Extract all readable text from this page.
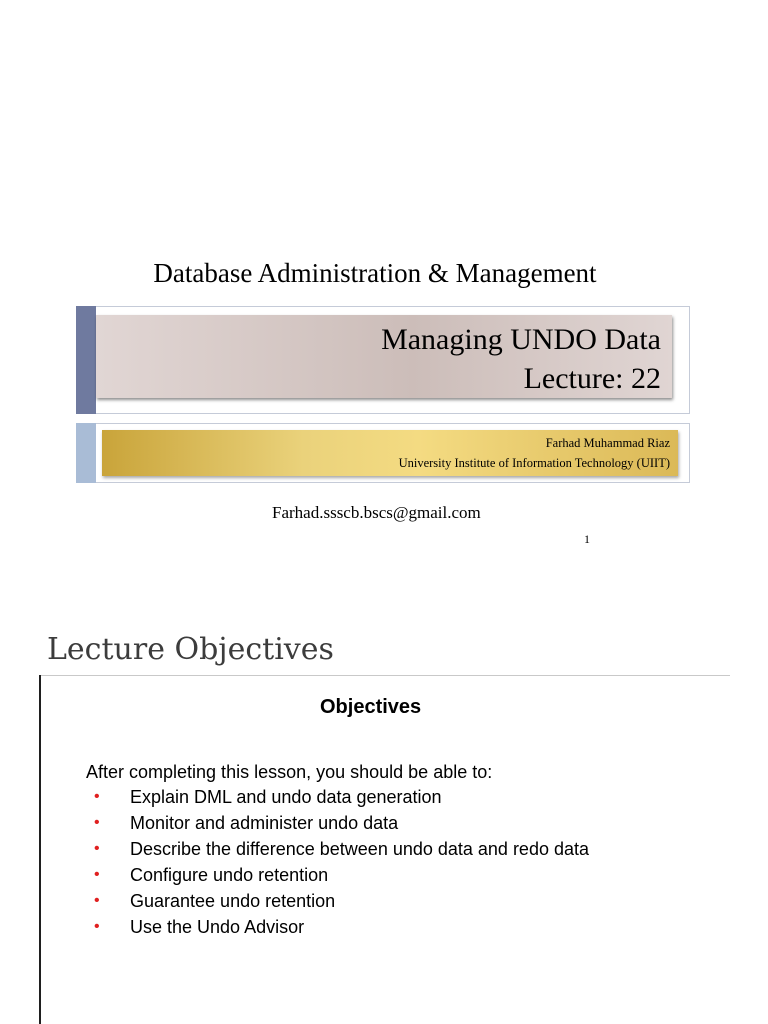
Database Administration & Management
Managing UNDO Data
Lecture: 22
Farhad Muhammad Riaz
University Institute of Information Technology (UIIT)
Farhad.ssscb.bscs@gmail.com
1
Lecture Objectives
Objectives
After completing this lesson, you should be able to:
• Explain DML and undo data generation
• Monitor and administer undo data
• Describe the difference between undo data and redo data
• Configure undo retention
• Guarantee undo retention
• Use the Undo Advisor
